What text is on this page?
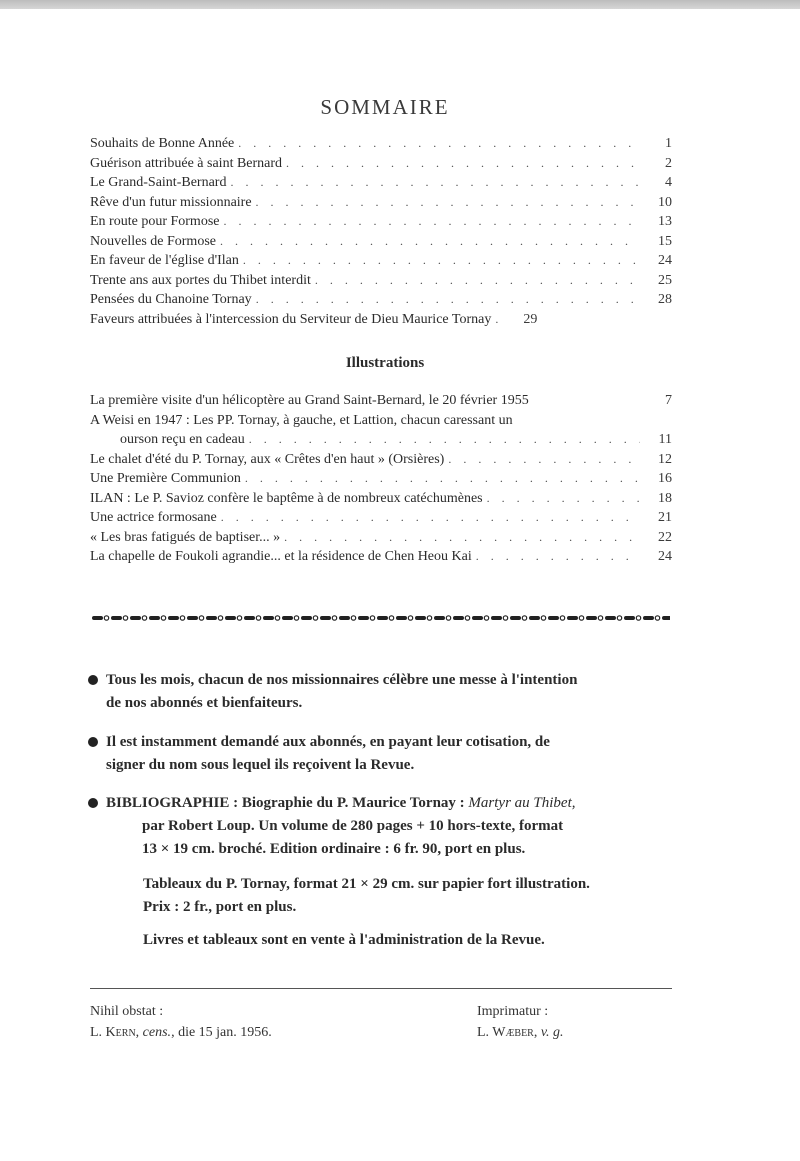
SOMMAIRE
Souhaits de Bonne Année . . .	1
Guérison attribuée à saint Bernard . . .	2
Le Grand-Saint-Bernard . . .	4
Rêve d'un futur missionnaire . . .	10
En route pour Formose . . .	13
Nouvelles de Formose . . .	15
En faveur de l'église d'Ilan . . .	24
Trente ans aux portes du Thibet interdit . . .	25
Pensées du Chanoine Tornay . . .	28
Faveurs attribuées à l'intercession du Serviteur de Dieu Maurice Tornay . . .	29
Illustrations
La première visite d'un hélicoptère au Grand Saint-Bernard, le 20 février 1955	7
A Weisi en 1947 : Les PP. Tornay, à gauche, et Lattion, chacun caressant un
ourson reçu en cadeau . . .	11
Le chalet d'été du P. Tornay, aux « Crêtes d'en haut » (Orsières) . . .	12
Une Première Communion . . .	16
ILAN : Le P. Savioz confère le baptême à de nombreux catéchumènes . . .	18
Une actrice formosane . . .	21
« Les bras fatigués de baptiser... » . . .	22
La chapelle de Foukoli agrandie... et la résidence de Chen Heou Kai . . .	24
Tous les mois, chacun de nos missionnaires célèbre une messe à l'intention
de nos abonnés et bienfaiteurs.
Il est instamment demandé aux abonnés, en payant leur cotisation, de
signer du nom sous lequel ils reçoivent la Revue.
BIBLIOGRAPHIE : Biographie du P. Maurice Tornay : Martyr au Thibet,
par Robert Loup. Un volume de 280 pages + 10 hors-texte, format
13 × 19 cm. broché. Edition ordinaire : 6 fr. 90, port en plus.
Tableaux du P. Tornay, format 21 × 29 cm. sur papier fort illustration.
Prix : 2 fr., port en plus.
Livres et tableaux sont en vente à l'administration de la Revue.
Nihil obstat :
L. Kern, cens., die 15 jan. 1956.
Imprimatur :
L. Wæber, v. g.
